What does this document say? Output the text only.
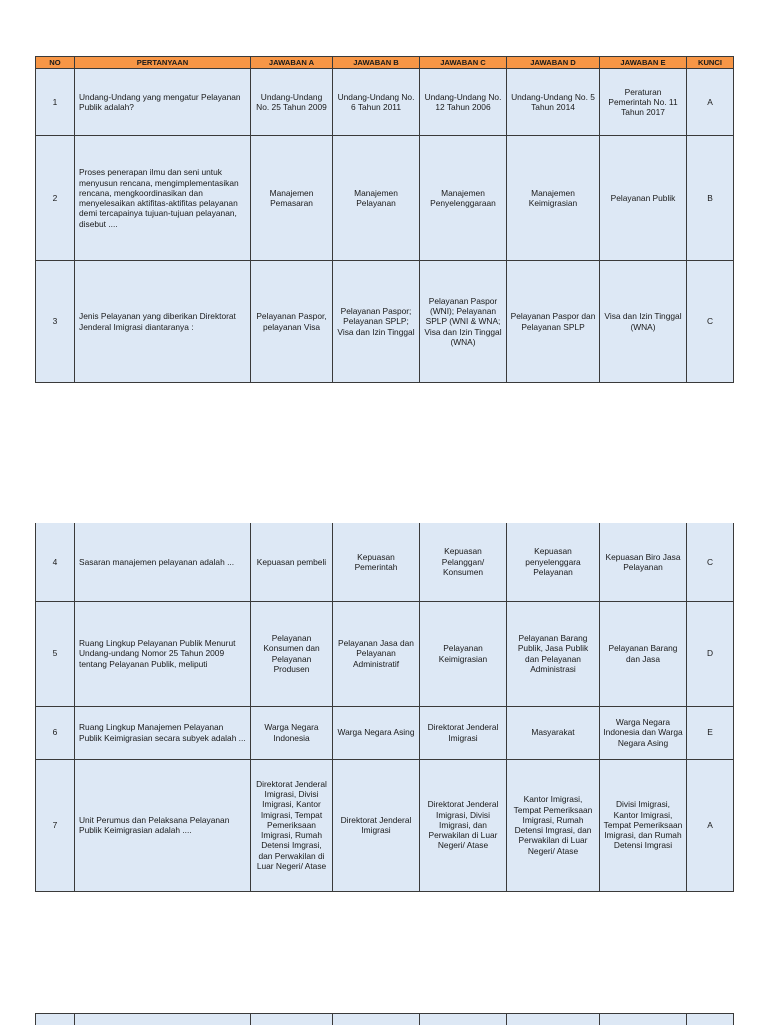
NO	PERTANYAAN	JAWABAN A	JAWABAN B	JAWABAN C	JAWABAN D	JAWABAN E	KUNCI
1	Undang-Undang yang mengatur Pelayanan Publik adalah?	Undang-Undang No. 25 Tahun 2009	Undang-Undang No. 6 Tahun 2011	Undang-Undang No. 12 Tahun 2006	Undang-Undang No. 5 Tahun 2014	Peraturan Pemerintah No. 11 Tahun 2017	A
2	Proses penerapan ilmu dan seni untuk menyusun rencana, mengimplementasikan rencana, mengkoordinasikan dan menyelesaikan aktifitas-aktifitas pelayanan demi tercapainya tujuan-tujuan pelayanan, disebut ....	Manajemen Pemasaran	Manajemen Pelayanan	Manajemen Penyelenggaraan	Manajemen Keimigrasian	Pelayanan Publik	B
3	Jenis Pelayanan yang diberikan Direktorat Jenderal Imigrasi diantaranya :	Pelayanan Paspor, pelayanan Visa	Pelayanan Paspor; Pelayanan SPLP; Visa dan Izin Tinggal	Pelayanan Paspor (WNI); Pelayanan SPLP (WNI & WNA; Visa dan Izin Tinggal (WNA)	Pelayanan Paspor dan Pelayanan SPLP	Visa dan Izin Tinggal (WNA)	C
4	Sasaran manajemen pelayanan adalah ...	Kepuasan pembeli	Kepuasan Pemerintah	Kepuasan Pelanggan/ Konsumen	Kepuasan penyelenggara Pelayanan	Kepuasan Biro Jasa Pelayanan	C
5	Ruang Lingkup Pelayanan Publik Menurut Undang-undang Nomor 25 Tahun 2009 tentang Pelayanan Publik, meliputi	Pelayanan Konsumen dan Pelayanan Produsen	Pelayanan Jasa dan Pelayanan Administratif	Pelayanan Keimigrasian	Pelayanan Barang Publik, Jasa Publik dan Pelayanan Administrasi	Pelayanan Barang dan Jasa	D
6	Ruang Lingkup Manajemen Pelayanan Publik Keimigrasian secara subyek adalah ...	Warga Negara Indonesia	Warga Negara Asing	Direktorat Jenderal Imigrasi	Masyarakat	Warga Negara Indonesia dan Warga Negara Asing	E
7	Unit Perumus dan Pelaksana Pelayanan Publik Keimigrasian adalah ....	Direktorat Jenderal Imigrasi, Divisi Imigrasi, Kantor Imigrasi, Tempat Pemeriksaan Imigrasi, Rumah Detensi Imgrasi, dan Perwakilan di Luar Negeri/ Atase	Direktorat Jenderal Imigrasi	Direktorat Jenderal Imigrasi, Divisi Imigrasi, dan Perwakilan di Luar Negeri/ Atase	Kantor Imigrasi, Tempat Pemeriksaan Imigrasi, Rumah Detensi Imgrasi, dan Perwakilan di Luar Negeri/ Atase	Divisi Imigrasi, Kantor Imigrasi, Tempat Pemeriksaan Imigrasi, dan Rumah Detensi Imgrasi	A
